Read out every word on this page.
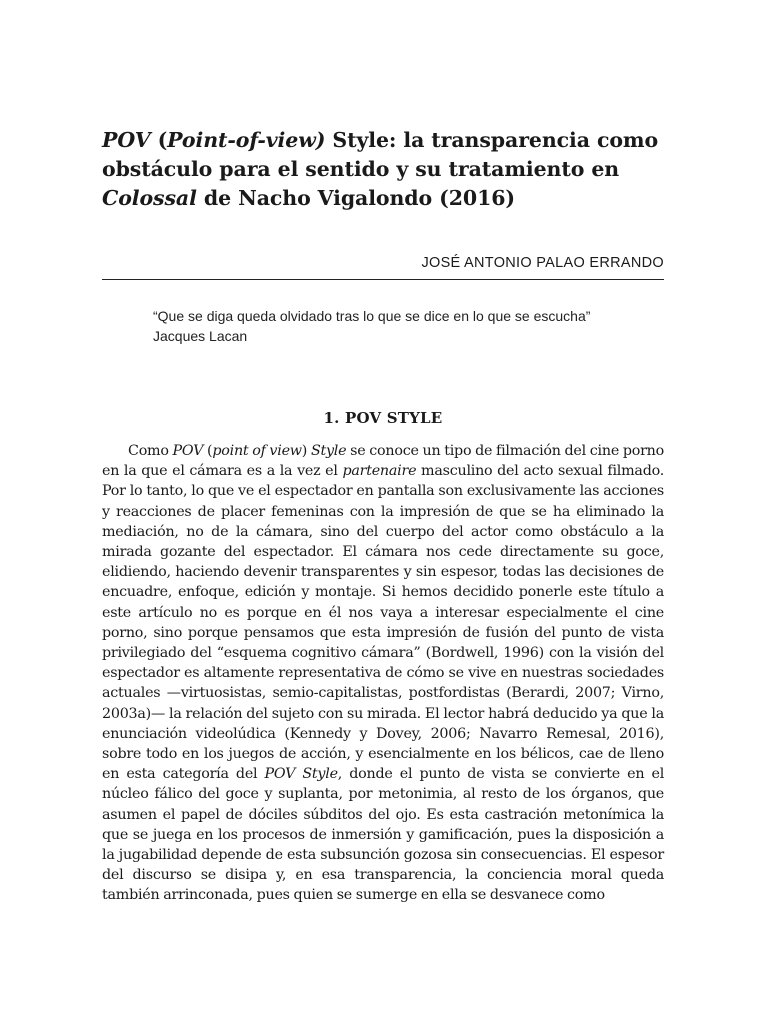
POV (Point-of-view) Style: la transparencia como obstáculo para el sentido y su tratamiento en Colossal de Nacho Vigalondo (2016)
JOSÉ ANTONIO PALAO ERRANDO
“Que se diga queda olvidado tras lo que se dice en lo que se escucha”
Jacques Lacan
1. POV STYLE

Como POV (point of view) Style se conoce un tipo de filmación del cine porno en la que el cámara es a la vez el partenaire masculino del acto sexual filmado. Por lo tanto, lo que ve el espectador en pantalla son exclusivamente las acciones y reacciones de placer femeninas con la impresión de que se ha eliminado la mediación, no de la cámara, sino del cuerpo del actor como obstáculo a la mirada gozante del espectador. El cámara nos cede directamente su goce, elidiendo, haciendo devenir transparentes y sin espesor, todas las decisiones de encuadre, enfoque, edición y montaje. Si hemos decidido ponerle este título a este artículo no es porque en él nos vaya a interesar especialmente el cine porno, sino porque pensamos que esta impresión de fusión del punto de vista privilegiado del “esquema cognitivo cámara” (Bordwell, 1996) con la visión del espectador es altamente representativa de cómo se vive en nuestras sociedades actuales —virtuosistas, semio-capitalistas, postfordistas (Berardi, 2007; Virno, 2003a)— la relación del sujeto con su mirada. El lector habrá deducido ya que la enunciación videolúdica (Kennedy y Dovey, 2006; Navarro Remesal, 2016), sobre todo en los juegos de acción, y esencialmente en los bélicos, cae de lleno en esta categoría del POV Style, donde el punto de vista se convierte en el núcleo fálico del goce y suplanta, por metonimia, al resto de los órganos, que asumen el papel de dóciles súbditos del ojo. Es esta castración metonímica la que se juega en los procesos de inmersión y gamificación, pues la disposición a la jugabilidad depende de esta subsunción gozosa sin consecuencias. El espesor del discurso se disipa y, en esa transparencia, la conciencia moral queda también arrinconada, pues quien se sumerge en ella se desvanece como
